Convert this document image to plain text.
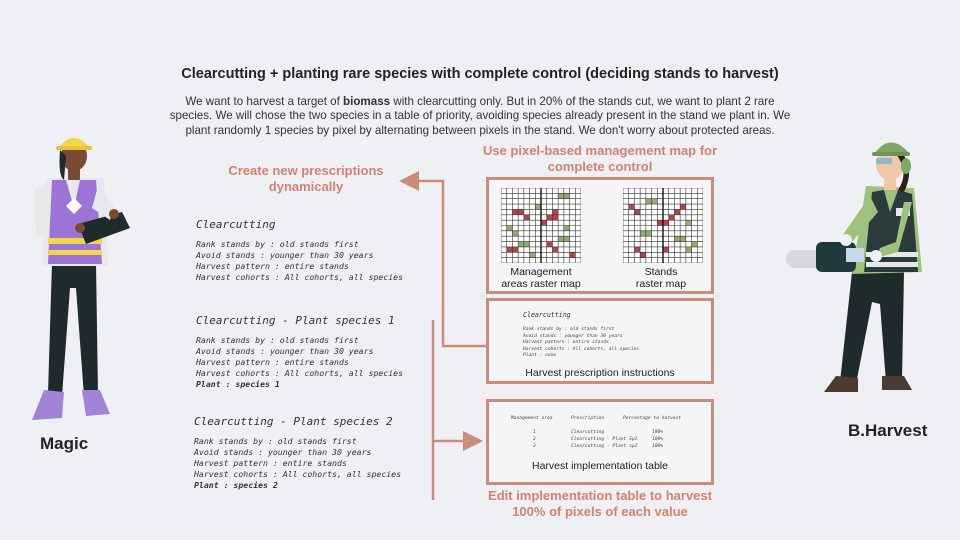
Clearcutting + planting rare species with complete control (deciding stands to harvest)
We want to harvest a target of biomass with clearcutting only. But in 20% of the stands cut, we want to plant 2 rare species. We will chose the two species in a table of priority, avoiding species already present in the stand we plant in. We plant randomly 1 species by pixel by alternating between pixels in the stand. We don't worry about protected areas.
Create new prescriptions dynamically
Use pixel-based management map for complete control
Edit implementation table to harvest 100% of pixels of each value
Clearcutting
Rank stands by : old stands first
Avoid stands : younger than 30 years
Harvest pattern : entire stands
Harvest cohorts : All cohorts, all species
Clearcutting - Plant species 1
Rank stands by : old stands first
Avoid stands : younger than 30 years
Harvest pattern : entire stands
Harvest cohorts : All cohorts, all species
Plant : species 1
Clearcutting - Plant species 2
Rank stands by : old stands first
Avoid stands : younger than 30 years
Harvest pattern : entire stands
Harvest cohorts : All cohorts, all species
Plant : species 2
Management
areas raster map
Stands
raster map
Clearcutting
Rank stands by : old stands first
Avoid stands : younger than 30 years
Harvest pattern : entire stands
Harvest cohorts : All cohorts, all species
Plant : none
Harvest prescription instructions
Management area	Prescription	Percentage to harvest
1	Clearcutting	100%
2	Clearcutting - Plant Sp1	100%
3	Clearcutting - Plant sp2	100%
Harvest implementation table
Magic
B.Harvest
